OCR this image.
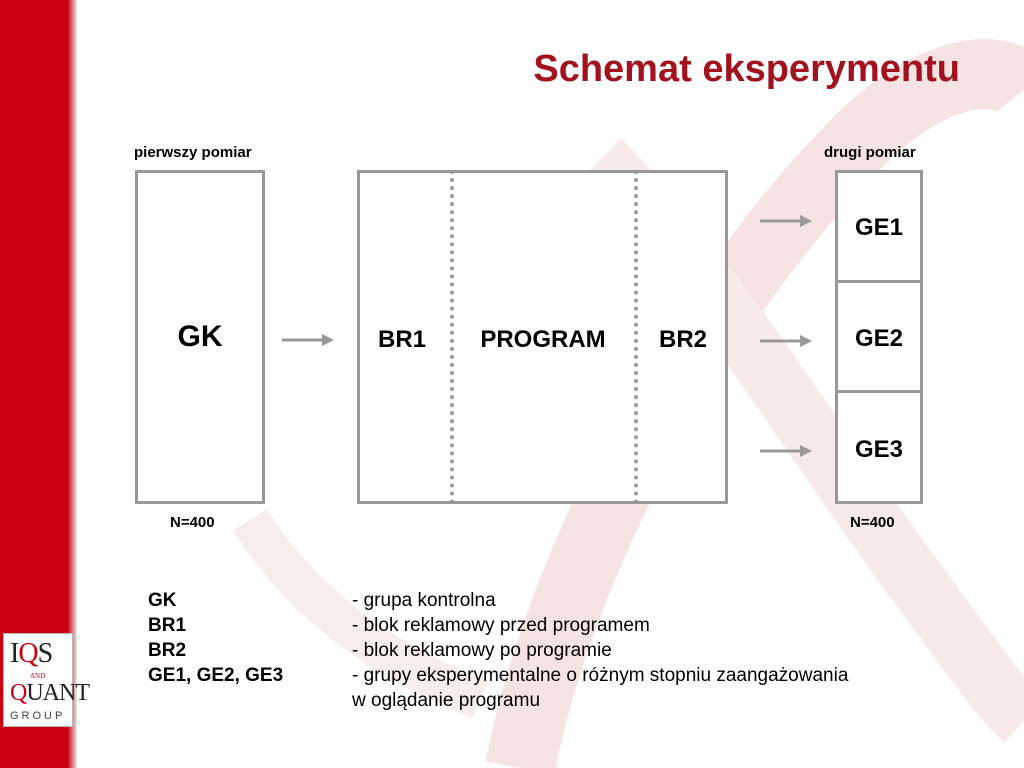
Schemat eksperymentu
pierwszy pomiar
GK
N=400
BR1	PROGRAM	BR2
drugi pomiar
GE1
GE2
GE3
N=400
GK	- grupa kontrolna
BR1	- blok reklamowy przed programem
BR2	- blok reklamowy po programie
GE1, GE2, GE3	- grupy eksperymentalne o różnym stopniu zaangażowania
w oglądanie programu
IQS
AND
QUANT
GROUP
